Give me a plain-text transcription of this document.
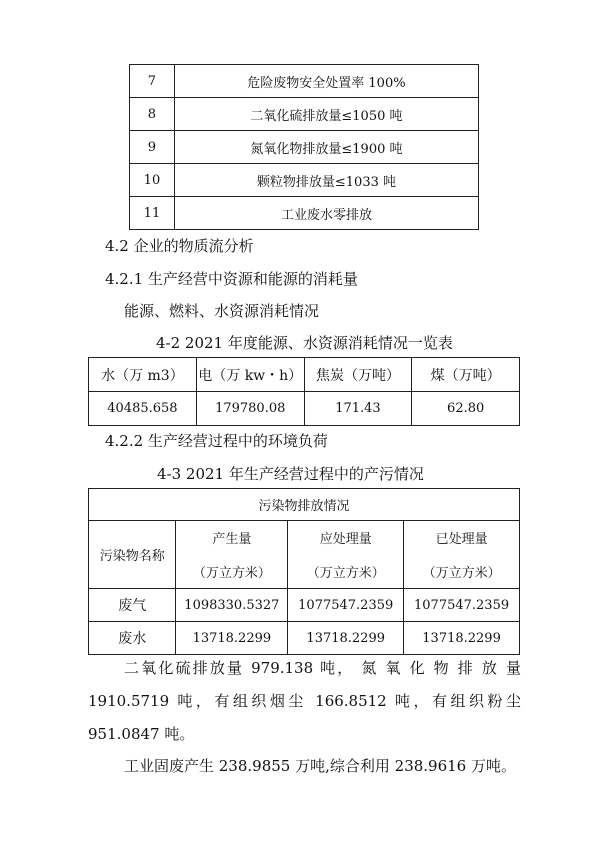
7	危险废物安全处置率 100%
8	二氧化硫排放量≤1050 吨
9	氮氧化物排放量≤1900 吨
10	颗粒物排放量≤1033 吨
11	工业废水零排放
4.2 企业的物质流分析
4.2.1 生产经营中资源和能源的消耗量
能源、燃料、水资源消耗情况
4-2 2021 年度能源、水资源消耗情况一览表
水（万 m3）	电（万 kw・h）	焦炭（万吨）	煤（万吨）
40485.658	179780.08	171.43	62.80
4.2.2 生产经营过程中的环境负荷
4-3 2021 年生产经营过程中的产污情况
污染物排放情况			
污染物名称	产生量	应处理量	已处理量
	（万立方米）	（万立方米）	（万立方米）
废气	1098330.5327	1077547.2359	1077547.2359
废水	13718.2299	13718.2299	13718.2299
二氧化硫排放量 979.138 吨， 氮 氧 化 物 排 放 量
1910.5719 吨，有组织烟尘 166.8512 吨，有组织粉尘
951.0847 吨。
工业固废产生 238.9855 万吨,综合利用 238.9616 万吨。
